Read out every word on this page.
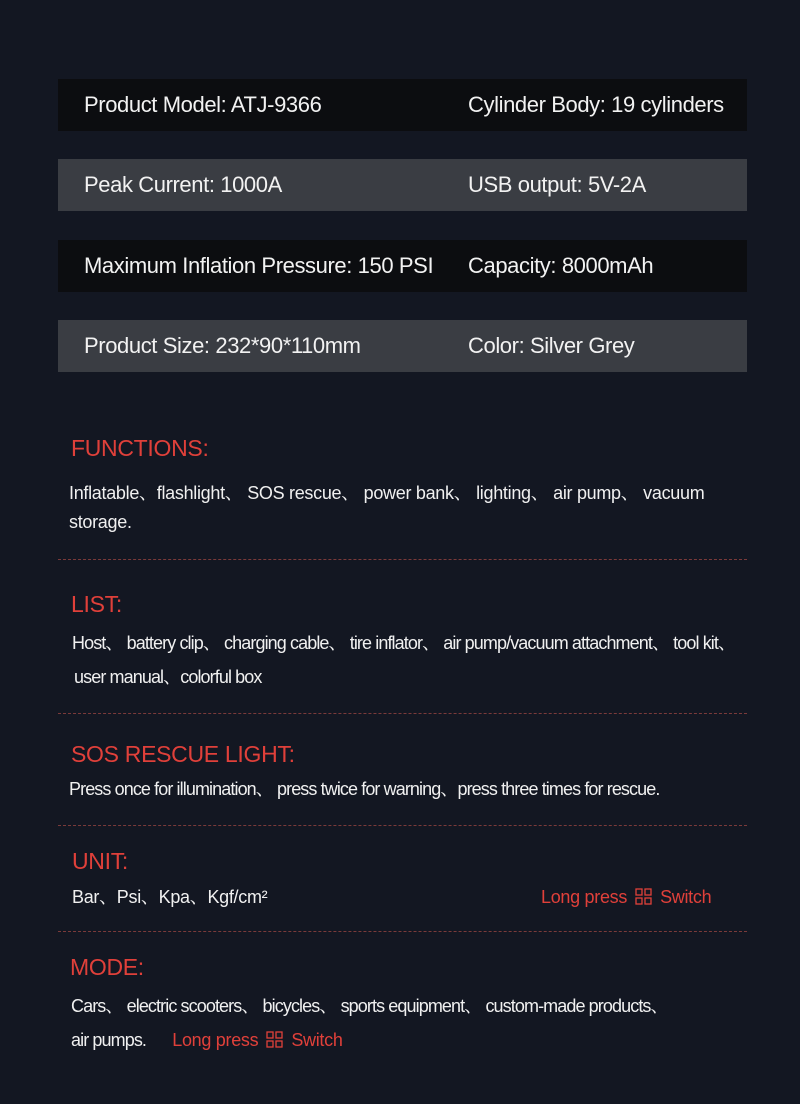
Product Model: ATJ-9366	Cylinder Body: 19 cylinders
Peak Current: 1000A	USB output: 5V-2A
Maximum Inflation Pressure: 150 PSI Capacity: 8000mAh
Product Size: 232*90*110mm	Color: Silver Grey
FUNCTIONS:
Inflatable、flashlight、 SOS rescue、 power bank、 lighting、 air pump、 vacuum
storage.
LIST:
Host、 battery clip、 charging cable、 tire inflator、 air pump/vacuum attachment、 tool kit、
user manual、colorful box
SOS RESCUE LIGHT:
Press once for illumination、 press twice for warning、press three times for rescue.
UNIT:
Bar、Psi、Kpa、Kgf/cm²	Long press Switch
MODE:
Cars、 electric scooters、 bicycles、 sports equipment、 custom-made products、
air pumps. Long press Switch
